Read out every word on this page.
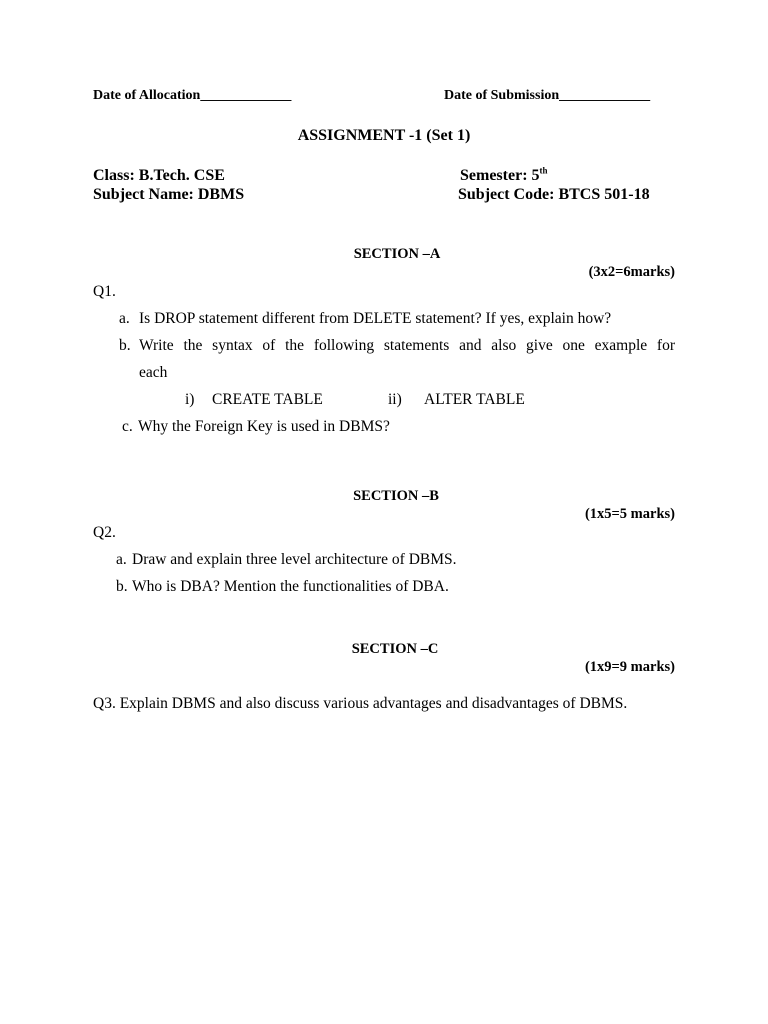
Date of Allocation_____________	Date of Submission_____________
ASSIGNMENT -1 (Set 1)
Class: B.Tech. CSE	Semester: 5th
Subject Name: DBMS	Subject Code: BTCS 501-18
SECTION –A
(3x2=6marks)
Q1.
a. Is DROP statement different from DELETE statement? If yes, explain how?
b. Write the syntax of the following statements and also give one example for
each
i) CREATE TABLE	ii) ALTER TABLE
c. Why the Foreign Key is used in DBMS?
SECTION –B
(1x5=5 marks)
Q2.
a. Draw and explain three level architecture of DBMS.
b. Who is DBA? Mention the functionalities of DBA.
SECTION –C
(1x9=9 marks)
Q3. Explain DBMS and also discuss various advantages and disadvantages of DBMS.
